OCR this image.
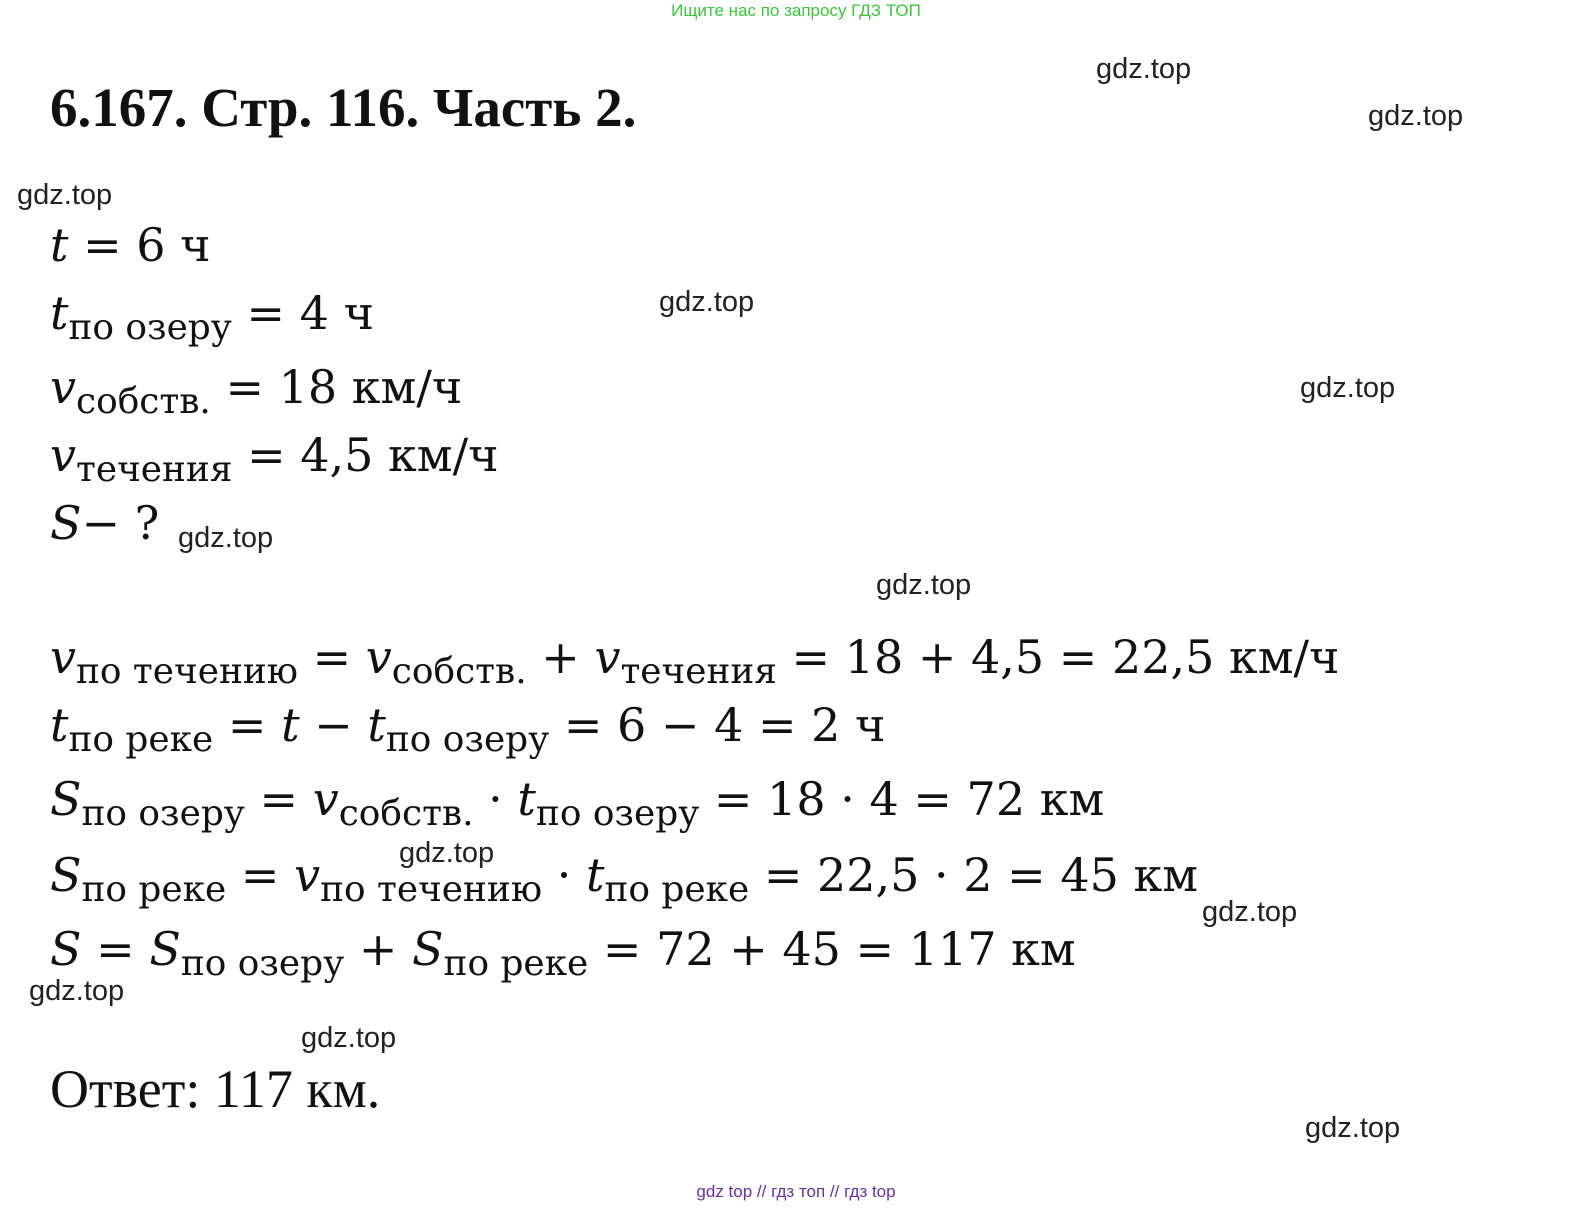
Ищите нас по запросу ГДЗ ТОП
6.167. Стр. 116. Часть 2.
gdz.top
gdz.top
gdz.top
gdz.top
gdz.top
gdz.top
gdz.top
gdz.top
gdz.top
gdz.top
gdz.top
gdz.top
t = 6 ч
$t_{по озеру} = 4$ ч
$v_{собств.} = 18$ км/ч
$v_{течения} = 4,5$ км/ч
S− ?
$v_{по течению} = v_{собств.} + v_{течения} = 18 + 4,5 = 22,5$ км/ч
$t_{по реке} = t - t_{по озеру} = 6 - 4 = 2$ ч
$S_{по озеру} = v_{собств.} \cdot t_{по озеру} = 18 \cdot 4 = 72$ км
$S_{по реке} = v_{по течению} \cdot t_{по реке} = 22,5 \cdot 2 = 45$ км
$S = S_{по озеру} + S_{по реке} = 72 + 45 = 117$ км
Ответ: 117 км.
gdz top // гдз топ // гдз top
